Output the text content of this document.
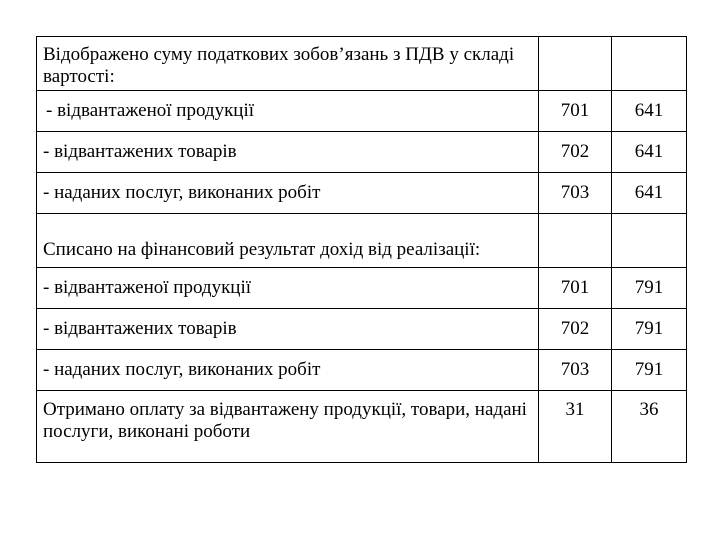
Відображено суму податкових зобов’язань з ПДВ у складі вартості:		
- відвантаженої продукції	701	641
- відвантажених товарів	702	641
- наданих послуг, виконаних робіт	703	641
Списано на фінансовий результат дохід від реалізації:		
- відвантаженої продукції	701	791
- відвантажених товарів	702	791
- наданих послуг, виконаних робіт	703	791
Отримано оплату за відвантажену продукції, товари, надані послуги, виконані роботи	31	36
